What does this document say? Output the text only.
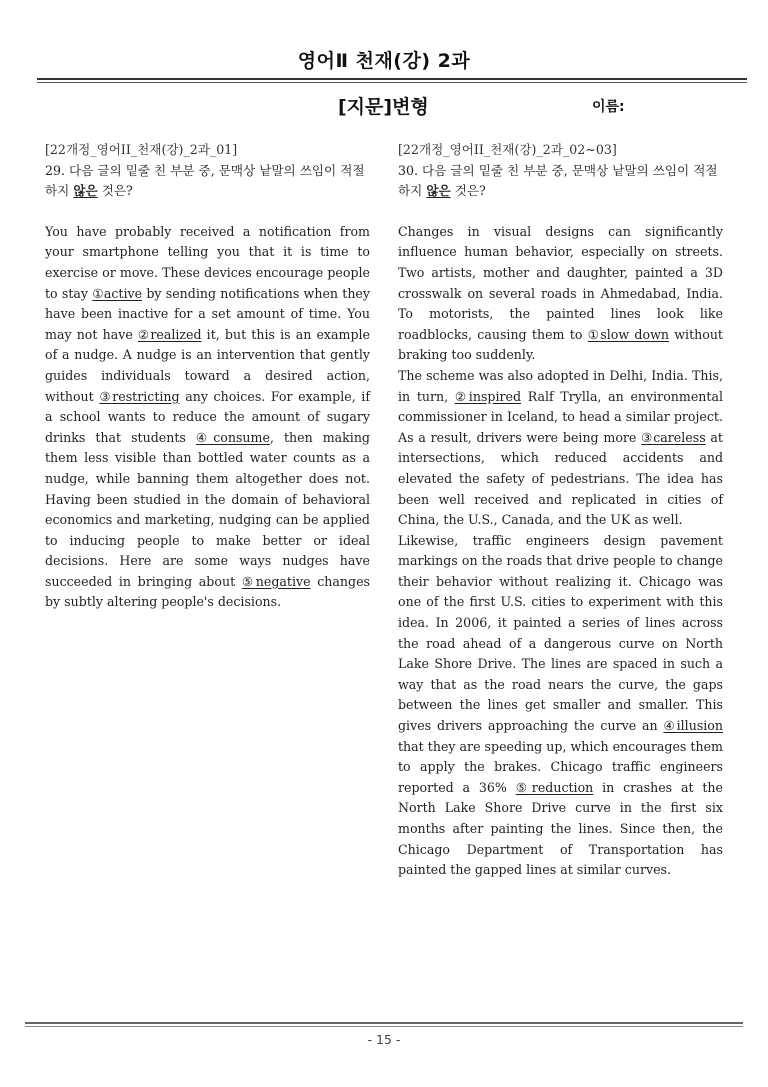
영어Ⅱ 천재(강) 2과
[지문]변형	이름:
[22개정_영어II_천재(강)_2과_01]
29. 다음 글의 밑줄 친 부분 중, 문맥상 낱말의 쓰임이 적절하지 않은 것은?

You have probably received a notification from your smartphone telling you that it is time to exercise or move. These devices encourage people to stay ①active by sending notifications when they have been inactive for a set amount of time. You may not have ②realized it, but this is an example of a nudge. A nudge is an intervention that gently guides individuals toward a desired action, without ③restricting any choices. For example, if a school wants to reduce the amount of sugary drinks that students ④consume, then making them less visible than bottled water counts as a nudge, while banning them altogether does not. Having been studied in the domain of behavioral economics and marketing, nudging can be applied to inducing people to make better or ideal decisions. Here are some ways nudges have succeeded in bringing about ⑤negative changes by subtly altering people's decisions.

[22개정_영어II_천재(강)_2과_02~03]
30. 다음 글의 밑줄 친 부분 중, 문맥상 낱말의 쓰임이 적절하지 않은 것은?

Changes in visual designs can significantly influence human behavior, especially on streets. Two artists, mother and daughter, painted a 3D crosswalk on several roads in Ahmedabad, India. To motorists, the painted lines look like roadblocks, causing them to ①slow down without braking too suddenly.

The scheme was also adopted in Delhi, India. This, in turn, ②inspired Ralf Trylla, an environmental commissioner in Iceland, to head a similar project. As a result, drivers were being more ③careless at intersections, which reduced accidents and elevated the safety of pedestrians. The idea has been well received and replicated in cities of China, the U.S., Canada, and the UK as well.

Likewise, traffic engineers design pavement markings on the roads that drive people to change their behavior without realizing it. Chicago was one of the first U.S. cities to experiment with this idea. In 2006, it painted a series of lines across the road ahead of a dangerous curve on North Lake Shore Drive. The lines are spaced in such a way that as the road nears the curve, the gaps between the lines get smaller and smaller. This gives drivers approaching the curve an ④illusion that they are speeding up, which encourages them to apply the brakes. Chicago traffic engineers reported a 36% ⑤reduction in crashes at the North Lake Shore Drive curve in the first six months after painting the lines. Since then, the Chicago Department of Transportation has painted the gapped lines at similar curves.

- 15 -
